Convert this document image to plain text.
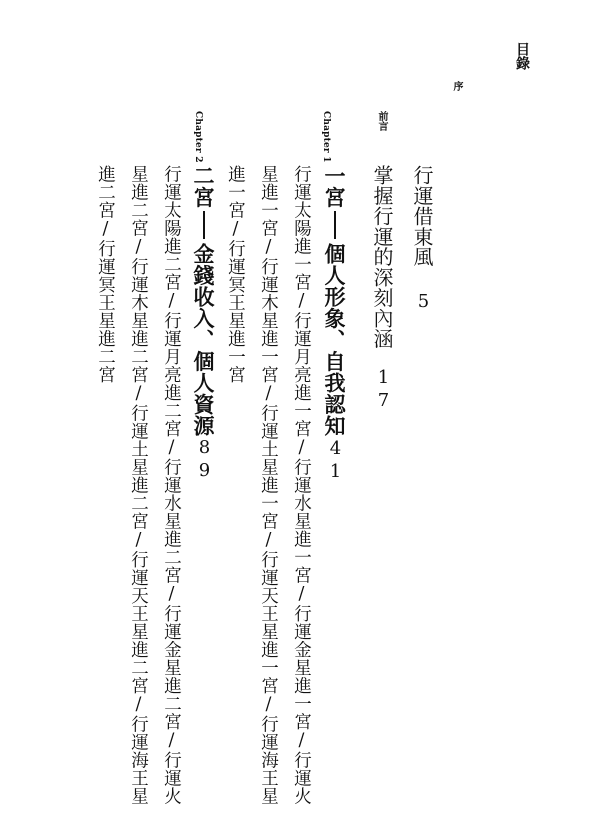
目錄
序
行運借東風
5
前言
掌握行運的深刻內涵
17
Chapter 1
一宮
個人形象、自我認知
41
行運太陽進一宮/行運月亮進一宮/行運水星進一宮/行運金星進一宮/行運火
星進一宮/行運木星進一宮/行運土星進一宮/行運天王星進一宮/行運海王星
進一宮/行運冥王星進一宮
Chapter 2
二宮
金錢收入、個人資源
89
行運太陽進二宮/行運月亮進二宮/行運水星進二宮/行運金星進二宮/行運火
星進二宮/行運木星進二宮/行運土星進二宮/行運天王星進二宮/行運海王星
進二宮/行運冥王星進二宮
